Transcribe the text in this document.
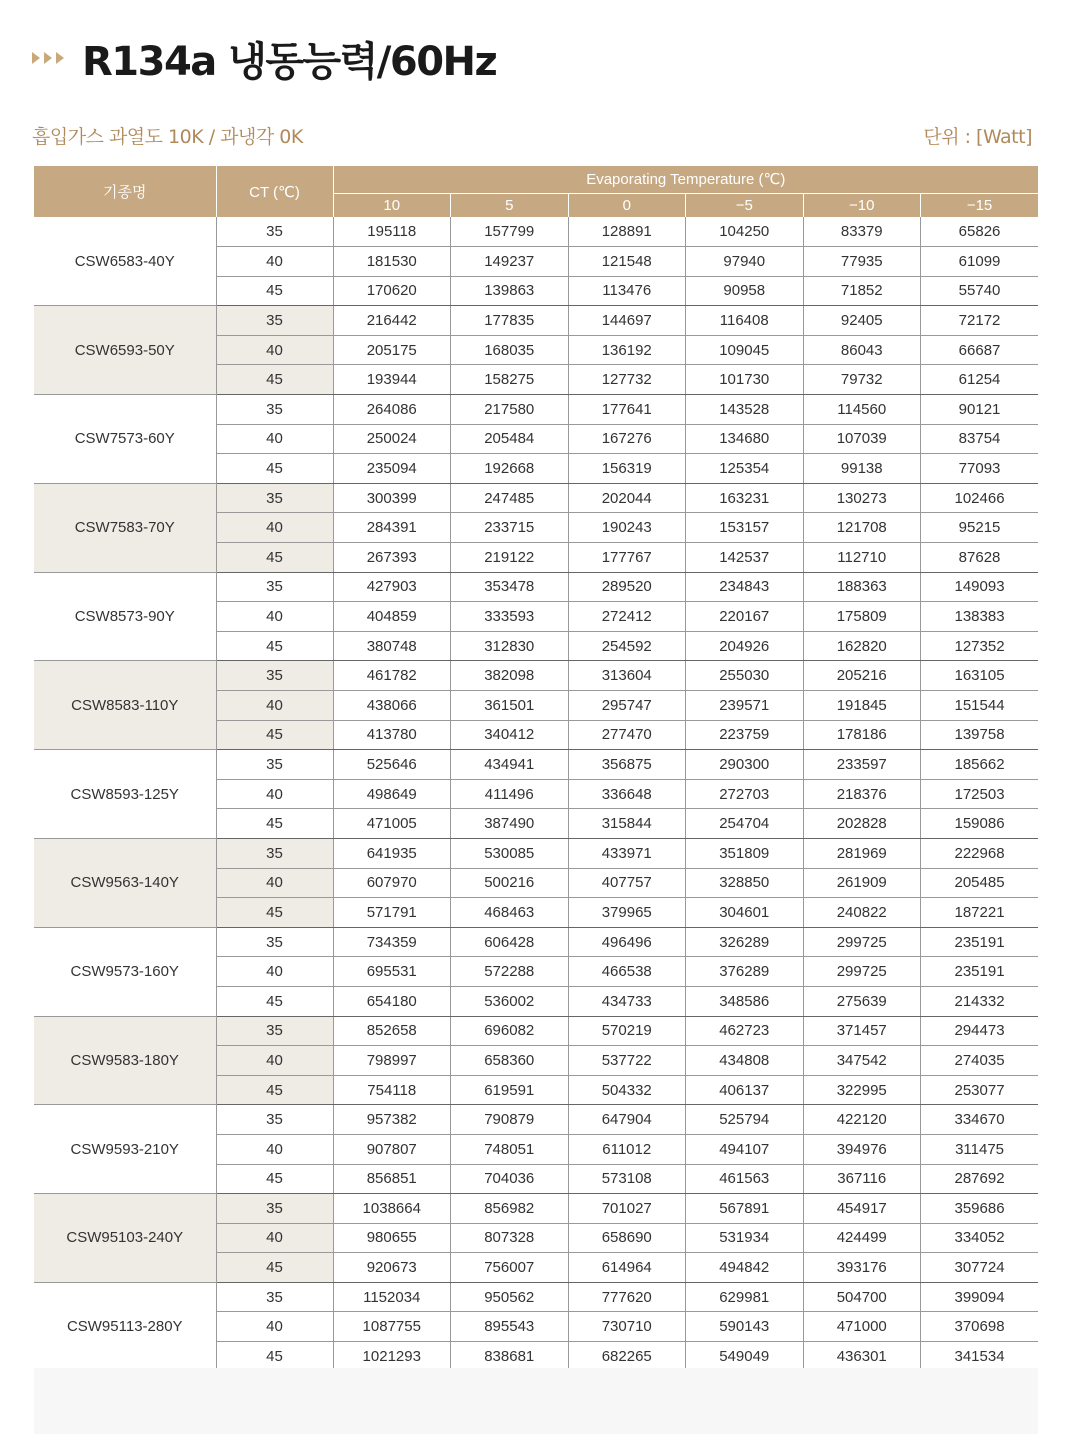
R134a 냉동능력/60Hz
흡입가스 과열도 10K / 과냉각 0K	단위 : [Watt]
기종명	CT (℃)	Evaporating Temperature (℃)					
		10	5	0	−5	−10	−15
CSW6583-40Y	35	195118	157799	128891	104250	83379	65826
	40	181530	149237	121548	97940	77935	61099
	45	170620	139863	113476	90958	71852	55740
CSW6593-50Y	35	216442	177835	144697	116408	92405	72172
	40	205175	168035	136192	109045	86043	66687
	45	193944	158275	127732	101730	79732	61254
CSW7573-60Y	35	264086	217580	177641	143528	114560	90121
	40	250024	205484	167276	134680	107039	83754
	45	235094	192668	156319	125354	99138	77093
CSW7583-70Y	35	300399	247485	202044	163231	130273	102466
	40	284391	233715	190243	153157	121708	95215
	45	267393	219122	177767	142537	112710	87628
CSW8573-90Y	35	427903	353478	289520	234843	188363	149093
	40	404859	333593	272412	220167	175809	138383
	45	380748	312830	254592	204926	162820	127352
CSW8583-110Y	35	461782	382098	313604	255030	205216	163105
	40	438066	361501	295747	239571	191845	151544
	45	413780	340412	277470	223759	178186	139758
CSW8593-125Y	35	525646	434941	356875	290300	233597	185662
	40	498649	411496	336648	272703	218376	172503
	45	471005	387490	315844	254704	202828	159086
CSW9563-140Y	35	641935	530085	433971	351809	281969	222968
	40	607970	500216	407757	328850	261909	205485
	45	571791	468463	379965	304601	240822	187221
CSW9573-160Y	35	734359	606428	496496	326289	299725	235191
	40	695531	572288	466538	376289	299725	235191
	45	654180	536002	434733	348586	275639	214332
CSW9583-180Y	35	852658	696082	570219	462723	371457	294473
	40	798997	658360	537722	434808	347542	274035
	45	754118	619591	504332	406137	322995	253077
CSW9593-210Y	35	957382	790879	647904	525794	422120	334670
	40	907807	748051	611012	494107	394976	311475
	45	856851	704036	573108	461563	367116	287692
CSW95103-240Y	35	1038664	856982	701027	567891	454917	359686
	40	980655	807328	658690	531934	424499	334052
	45	920673	756007	614964	494842	393176	307724
CSW95113-280Y	35	1152034	950562	777620	629981	504700	399094
	40	1087755	895543	730710	590143	471000	370698
	45	1021293	838681	682265	549049	436301	341534
